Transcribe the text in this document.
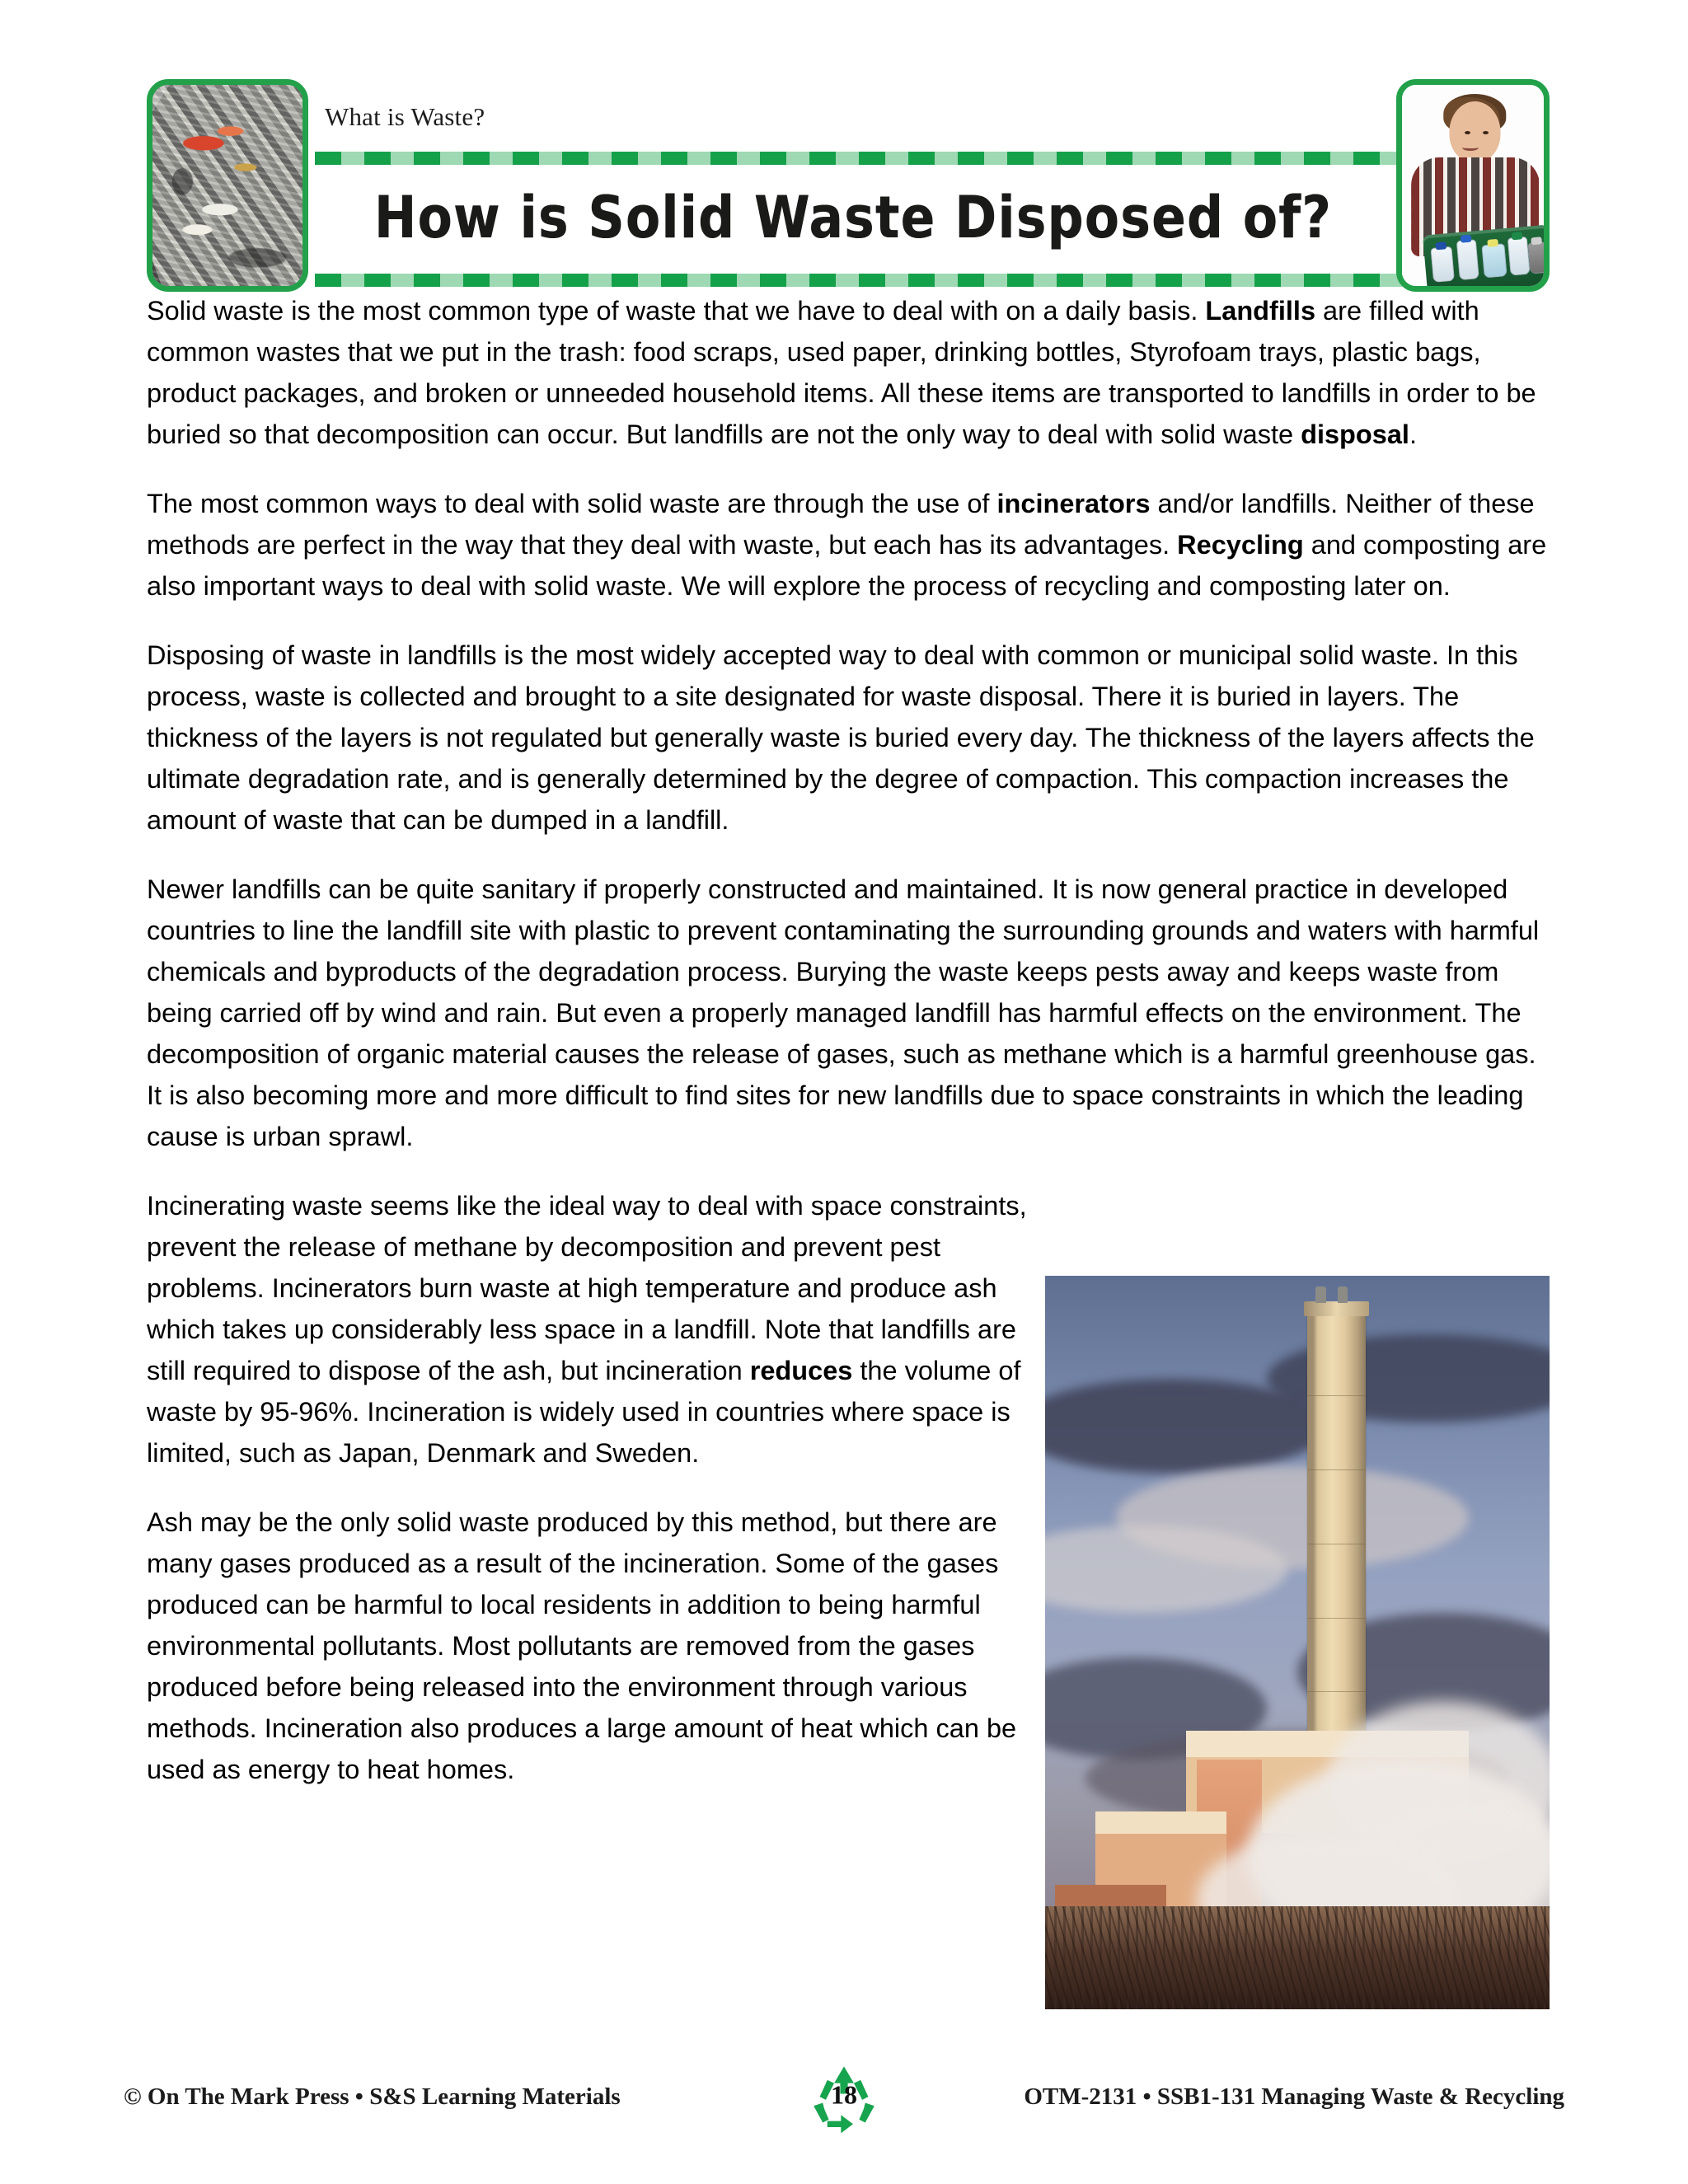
What is Waste?
How is Solid Waste Disposed of?

Solid waste is the most common type of waste that we have to deal with on a daily basis. Landfills are filled with common wastes that we put in the trash: food scraps, used paper, drinking bottles, Styrofoam trays, plastic bags, product packages, and broken or unneeded household items. All these items are transported to landfills in order to be buried so that decomposition can occur. But landfills are not the only way to deal with solid waste disposal.

The most common ways to deal with solid waste are through the use of incinerators and/or landfills. Neither of these methods are perfect in the way that they deal with waste, but each has its advantages. Recycling and composting are also important ways to deal with solid waste. We will explore the process of recycling and composting later on.

Disposing of waste in landfills is the most widely accepted way to deal with common or municipal solid waste. In this process, waste is collected and brought to a site designated for waste disposal. There it is buried in layers. The thickness of the layers is not regulated but generally waste is buried every day. The thickness of the layers affects the ultimate degradation rate, and is generally determined by the degree of compaction. This compaction increases the amount of waste that can be dumped in a landfill.

Newer landfills can be quite sanitary if properly constructed and maintained. It is now general practice in developed countries to line the landfill site with plastic to prevent contaminating the surrounding grounds and waters with harmful chemicals and byproducts of the degradation process. Burying the waste keeps pests away and keeps waste from being carried off by wind and rain. But even a properly managed landfill has harmful effects on the environment. The decomposition of organic material causes the release of gases, such as methane which is a harmful greenhouse gas. It is also becoming more and more difficult to find sites for new landfills due to space constraints in which the leading cause is urban sprawl.

Incinerating waste seems like the ideal way to deal with space constraints, prevent the release of methane by decomposition and prevent pest problems. Incinerators burn waste at high temperature and produce ash which takes up considerably less space in a landfill. Note that landfills are still required to dispose of the ash, but incineration reduces the volume of waste by 95-96%. Incineration is widely used in countries where space is limited, such as Japan, Denmark and Sweden.

Ash may be the only solid waste produced by this method, but there are many gases produced as a result of the incineration. Some of the gases produced can be harmful to local residents in addition to being harmful environmental pollutants. Most pollutants are removed from the gases produced before being released into the environment through various methods. Incineration also produces a large amount of heat which can be used as energy to heat homes.

© On The Mark Press • S&S Learning Materials	18	OTM-2131 • SSB1-131 Managing Waste & Recycling
